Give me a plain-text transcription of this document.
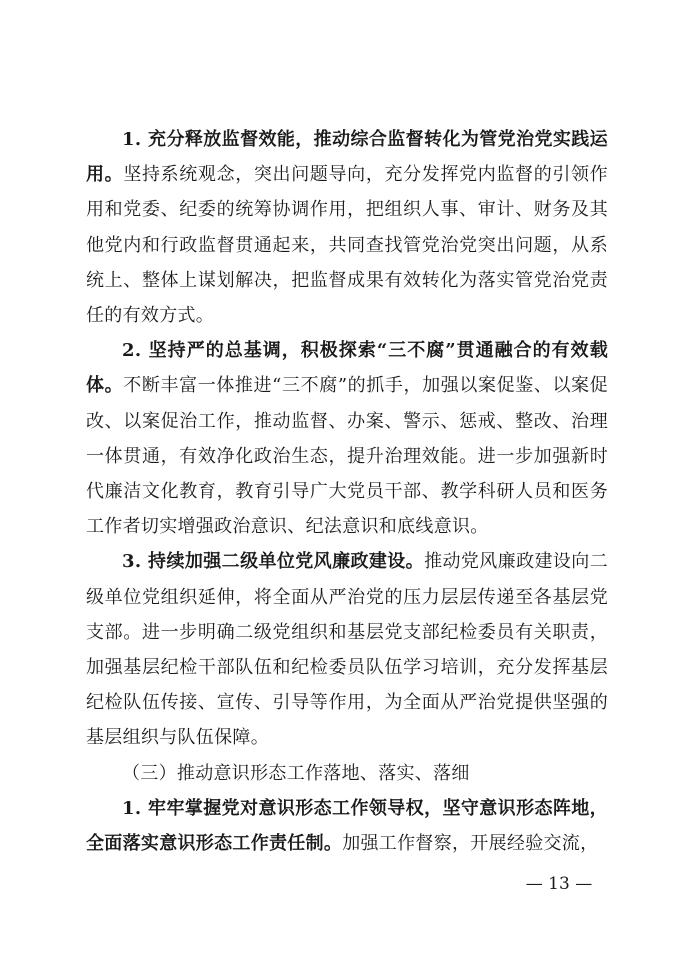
1. 充分释放监督效能，推动综合监督转化为管党治党实践运用。坚持系统观念，突出问题导向，充分发挥党内监督的引领作用和党委、纪委的统筹协调作用，把组织人事、审计、财务及其他党内和行政监督贯通起来，共同查找管党治党突出问题，从系统上、整体上谋划解决，把监督成果有效转化为落实管党治党责任的有效方式。

2. 坚持严的总基调，积极探索“三不腐”贯通融合的有效载体。不断丰富一体推进“三不腐”的抓手，加强以案促鉴、以案促改、以案促治工作，推动监督、办案、警示、惩戒、整改、治理一体贯通，有效净化政治生态，提升治理效能。进一步加强新时代廉洁文化教育，教育引导广大党员干部、教学科研人员和医务工作者切实增强政治意识、纪法意识和底线意识。

3. 持续加强二级单位党风廉政建设。推动党风廉政建设向二级单位党组织延伸，将全面从严治党的压力层层传递至各基层党支部。进一步明确二级党组织和基层党支部纪检委员有关职责，加强基层纪检干部队伍和纪检委员队伍学习培训，充分发挥基层纪检队伍传接、宣传、引导等作用，为全面从严治党提供坚强的基层组织与队伍保障。

（三）推动意识形态工作落地、落实、落细

1. 牢牢掌握党对意识形态工作领导权，坚守意识形态阵地，全面落实意识形态工作责任制。加强工作督察，开展经验交流，

— 13 —
